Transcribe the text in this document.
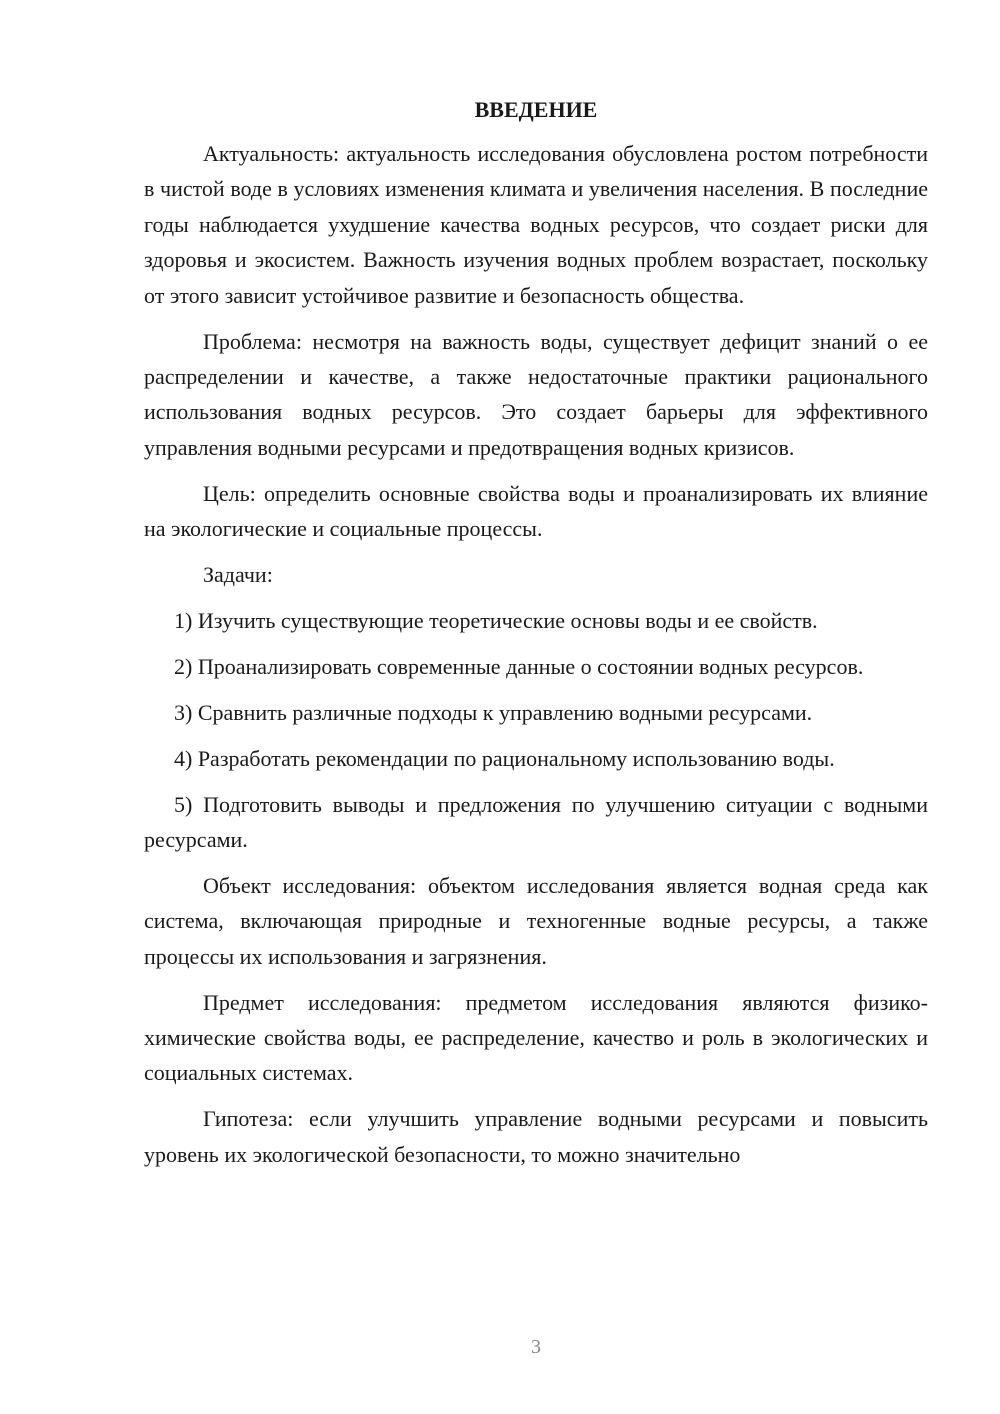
ВВЕДЕНИЕ

Актуальность: актуальность исследования обусловлена ростом потребности в чистой воде в условиях изменения климата и увеличения населения. В последние годы наблюдается ухудшение качества водных ресурсов, что создает риски для здоровья и экосистем. Важность изучения водных проблем возрастает, поскольку от этого зависит устойчивое развитие и безопасность общества.

Проблема: несмотря на важность воды, существует дефицит знаний о ее распределении и качестве, а также недостаточные практики рационального использования водных ресурсов. Это создает барьеры для эффективного управления водными ресурсами и предотвращения водных кризисов.

Цель: определить основные свойства воды и проанализировать их влияние на экологические и социальные процессы.

Задачи:

1) Изучить существующие теоретические основы воды и ее свойств.

2) Проанализировать современные данные о состоянии водных ресурсов.

3) Сравнить различные подходы к управлению водными ресурсами.

4) Разработать рекомендации по рациональному использованию воды.

5) Подготовить выводы и предложения по улучшению ситуации с водными ресурсами.

Объект исследования: объектом исследования является водная среда как система, включающая природные и техногенные водные ресурсы, а также процессы их использования и загрязнения.

Предмет исследования: предметом исследования являются физико-химические свойства воды, ее распределение, качество и роль в экологических и социальных системах.

Гипотеза: если улучшить управление водными ресурсами и повысить уровень их экологической безопасности, то можно значительно

3
